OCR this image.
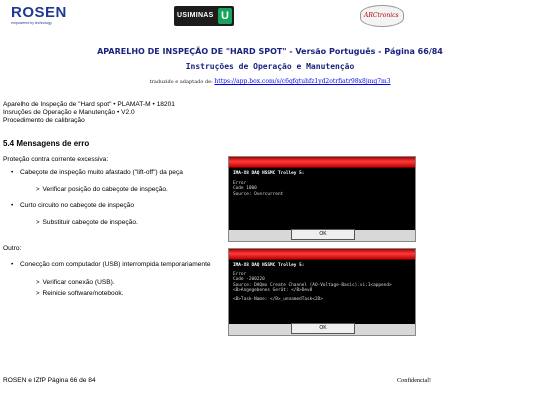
ROSEN
empowered by technology
USIMINAS U	ARCtronics
APARELHO DE INSPEÇÃO DE "HARD SPOT" - Versão Português - Página 66/84
Instruções de Operação e Manutenção
traduzido e adaptado de: https://app.box.com/s/c6qfqtuhfz1yd2otrfiatr98x8jmg7m3
Aparelho de Inspeção de "Hard spot" • PLAMAT-M • 18201
Insruções de Operação e Manutenção • V2.0
Procedimento de calibração
5.4 Mensagens de erro
Proteção contra corrente excessiva:
• Cabeçote de inspeção muito afastado ("lift-off") da peça
> Verificar posição do cabeçote de inspeção.
• Curto circuito no cabeçote de inspeção
> Substituir cabeçote de inspeção.
Outro:
• Conecção com computador (USB) interrompida temporariamente
> Verificar conexão (USB).
> Reinicie software/notebook.
IMA-X8 DAQ NSSMC Trolley 5:
Error
Code 1000
Source: Overcurrent
OK
IMA-X8 DAQ NSSMC Trolley 5:
Error
Code -200220
Source: DAQmx Create Channel (AO-Voltage-Basic).vi:1<append>
<B>Angegebenes Gerät: </B>Dev8
<B>Task-Name: </B>_unnamedTask<2D>
OK
ROSEN e IZfP Página 66 de 84	Confidencial!
